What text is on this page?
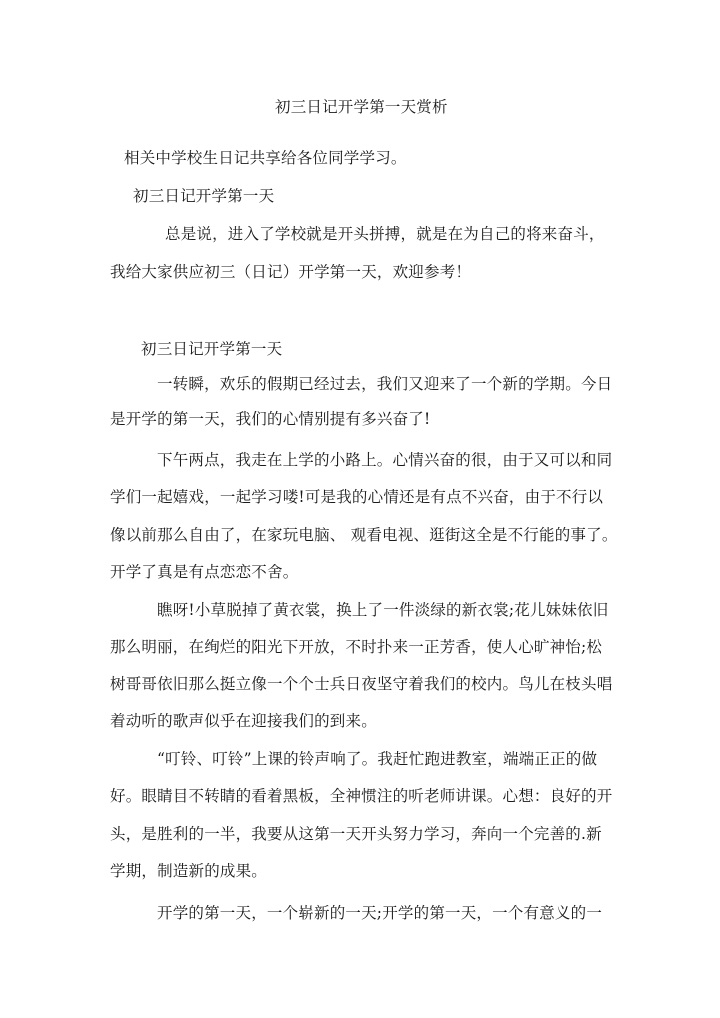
初三日记开学第一天赏析
相关中学校生日记共享给各位同学学习。
初三日记开学第一天
总是说，进入了学校就是开头拼搏，就是在为自己的将来奋斗，
我给大家供应初三（日记）开学第一天，欢迎参考！
初三日记开学第一天
一转瞬，欢乐的假期已经过去，我们又迎来了一个新的学期。今日
是开学的第一天，我们的心情别提有多兴奋了!
下午两点，我走在上学的小路上。心情兴奋的很，由于又可以和同
学们一起嬉戏，一起学习喽!可是我的心情还是有点不兴奋，由于不行以
像以前那么自由了，在家玩电脑、 观看电视、逛街这全是不行能的事了。
开学了真是有点恋恋不舍。
瞧呀!小草脱掉了黄衣裳，换上了一件淡绿的新衣裳;花儿妹妹依旧
那么明丽，在绚烂的阳光下开放，不时扑来一正芳香，使人心旷神怡;松
树哥哥依旧那么挺立像一个个士兵日夜坚守着我们的校内。鸟儿在枝头唱
着动听的歌声似乎在迎接我们的到来。
“叮铃、叮铃”上课的铃声响了。我赶忙跑进教室，端端正正的做
好。眼睛目不转睛的看着黑板，全神惯注的听老师讲课。心想：良好的开
头，是胜利的一半，我要从这第一天开头努力学习，奔向一个完善的.新
学期，制造新的成果。
开学的第一天，一个崭新的一天;开学的第一天，一个有意义的一
